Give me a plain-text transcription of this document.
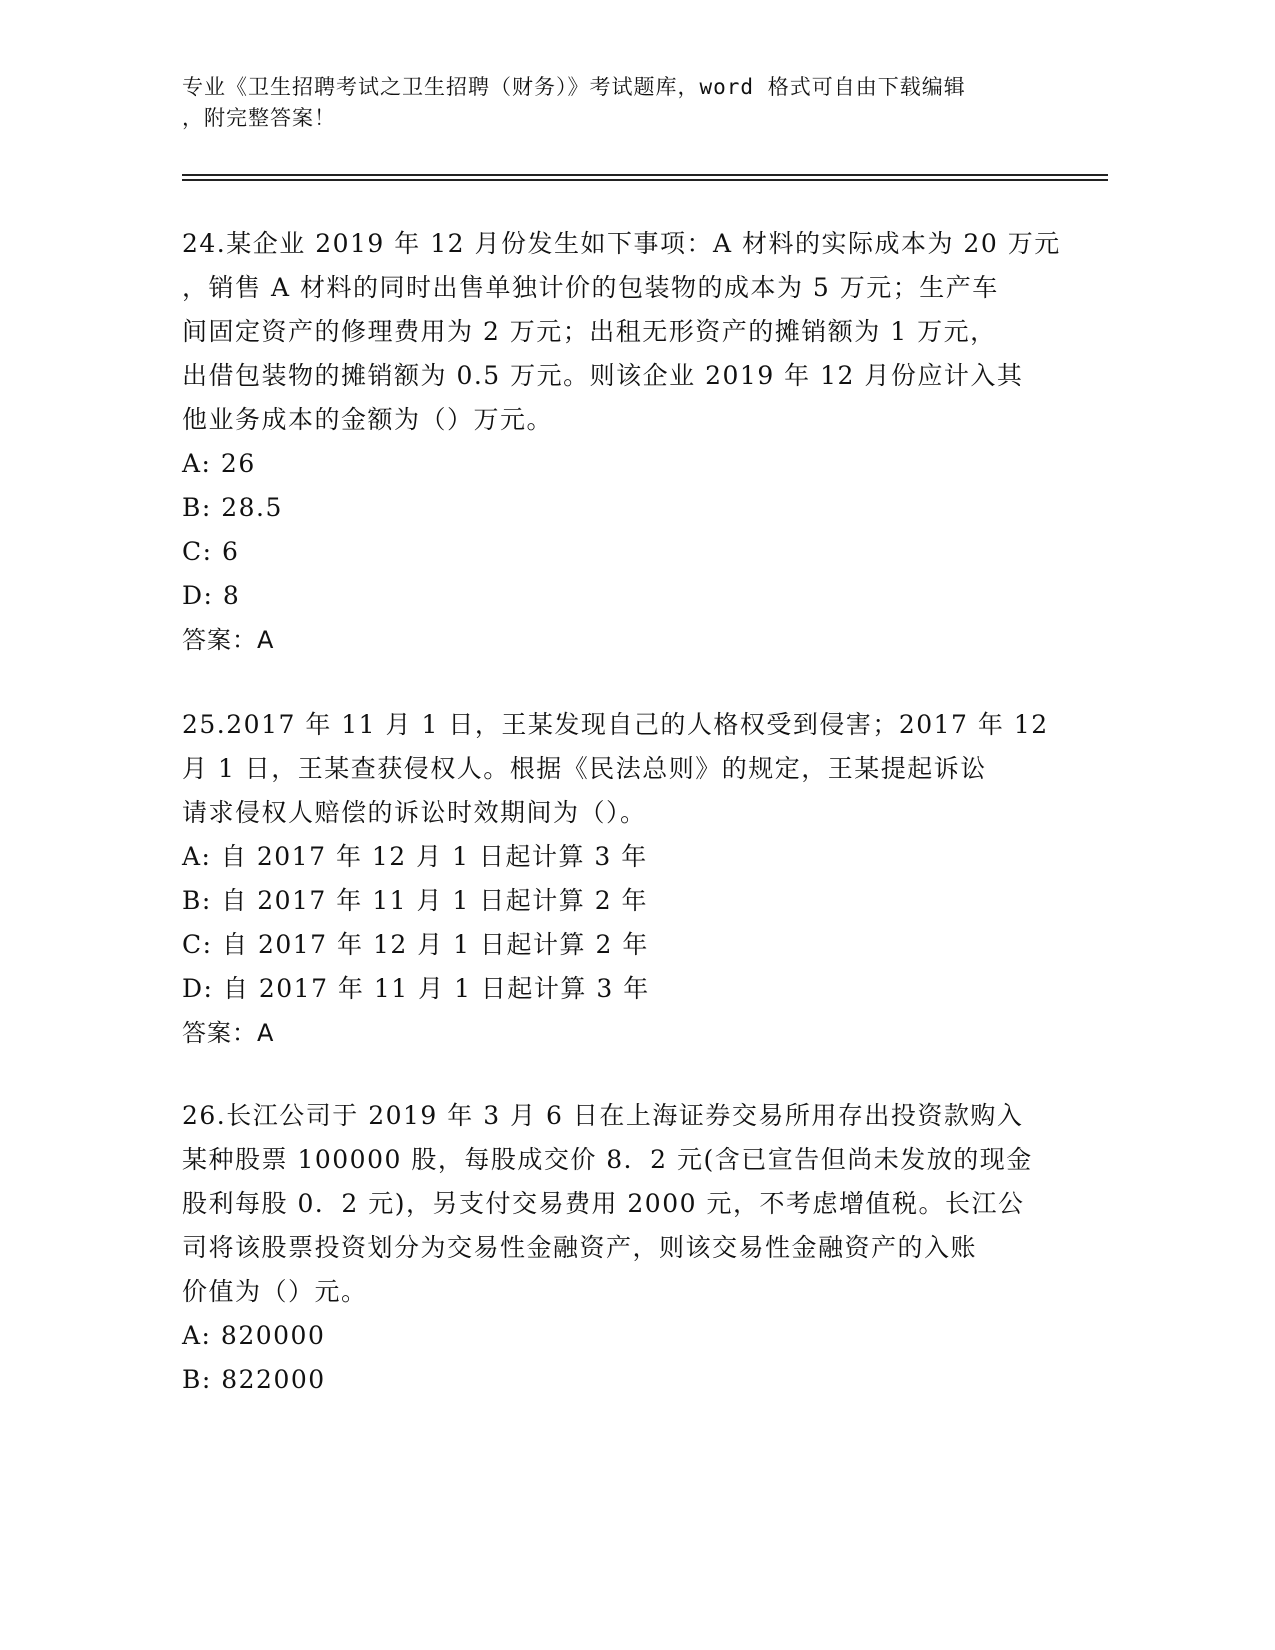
专业《卫生招聘考试之卫生招聘（财务）》考试题库，word 格式可自由下载编辑
，附完整答案！

24.某企业 2019 年 12 月份发生如下事项：A 材料的实际成本为 20 万元

，销售 A 材料的同时出售单独计价的包装物的成本为 5 万元；生产车

间固定资产的修理费用为 2 万元；出租无形资产的摊销额为 1 万元，

出借包装物的摊销额为 0.5 万元。则该企业 2019 年 12 月份应计入其

他业务成本的金额为（）万元。

A: 26

B: 28.5

C: 6

D: 8

答案：A

25.2017 年 11 月 1 日，王某发现自己的人格权受到侵害；2017 年 12

月 1 日，王某查获侵权人。根据《民法总则》的规定，王某提起诉讼

请求侵权人赔偿的诉讼时效期间为（）。

A: 自 2017 年 12 月 1 日起计算 3 年

B: 自 2017 年 11 月 1 日起计算 2 年

C: 自 2017 年 12 月 1 日起计算 2 年

D: 自 2017 年 11 月 1 日起计算 3 年

答案：A

26.长江公司于 2019 年 3 月 6 日在上海证券交易所用存出投资款购入

某种股票 100000 股，每股成交价 8．2 元(含已宣告但尚未发放的现金

股利每股 0．2 元)，另支付交易费用 2000 元，不考虑增值税。长江公

司将该股票投资划分为交易性金融资产，则该交易性金融资产的入账

价值为（）元。

A: 820000

B: 822000
